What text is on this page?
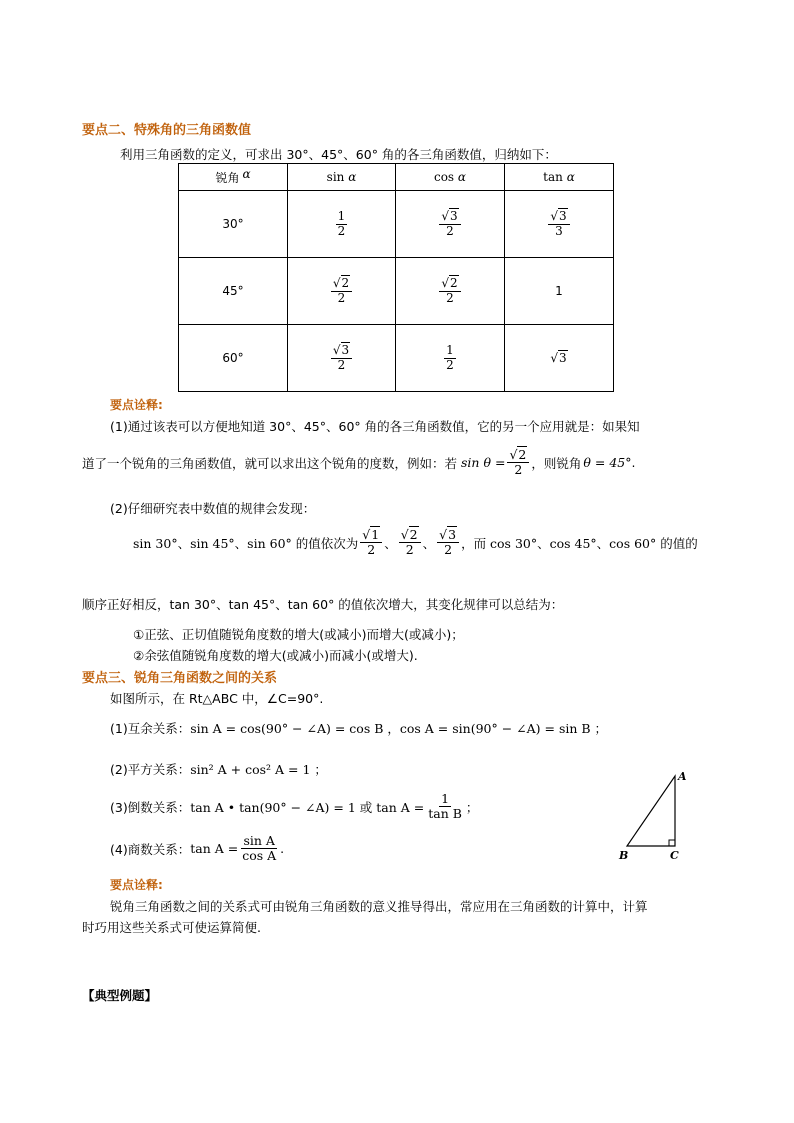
要点二、特殊角的三角函数值
利用三角函数的定义，可求出 30°、45°、60° 角的各三角函数值，归纳如下：
锐角 α	sin α	cos α	tan α
30°	$\frac{1}{2}$	$\frac{√3}{2}$	$\frac{√3}{3}$

45°	$\frac{√2}{2}$	$\frac{√2}{2}$	1
60°	$\frac{√3}{2}$	$\frac{1}{2}$	√3
要点诠释:
(1)通过该表可以方便地知道 30°、45°、60° 角的各三角函数值，它的另一个应用就是：如果知
道了一个锐角的三角函数值，就可以求出这个锐角的度数，例如：若 $\sin \theta = \frac{√2}{2}$ ，则锐角 θ = 45° .
(2)仔细研究表中数值的规律会发现：
sin 30°、sin 45°、sin 60° 的值依次为 $\frac{√1}{2}$ 、 $\frac{√2}{2}$ 、 $\frac{√3}{2}$ ，而 cos 30°、cos 45°、cos 60° 的值的
顺序正好相反，tan 30°、tan 45°、tan 60° 的值依次增大，其变化规律可以总结为：
①正弦、正切值随锐角度数的增大(或减小)而增大(或减小)；
②余弦值随锐角度数的增大(或减小)而减小(或增大).
要点三、锐角三角函数之间的关系
如图所示，在 Rt△ABC 中，∠C=90°.
(1)互余关系：sin A = cos(90° − ∠A) = cos B ，cos A = sin(90° − ∠A) = sin B ；
(2)平方关系：sin² A + cos² A = 1 ；
(3)倒数关系： tan A • tan(90° − ∠A) = 1 或 $\tan A = \frac{1}{\text{tan B}}$ ；
(4)商数关系： $\tan A = \frac{\text{sin A}}{\text{cos A}}$ .
A
B	C
要点诠释:
锐角三角函数之间的关系式可由锐角三角函数的意义推导得出，常应用在三角函数的计算中，计算
时巧用这些关系式可使运算简便.
【典型例题】
